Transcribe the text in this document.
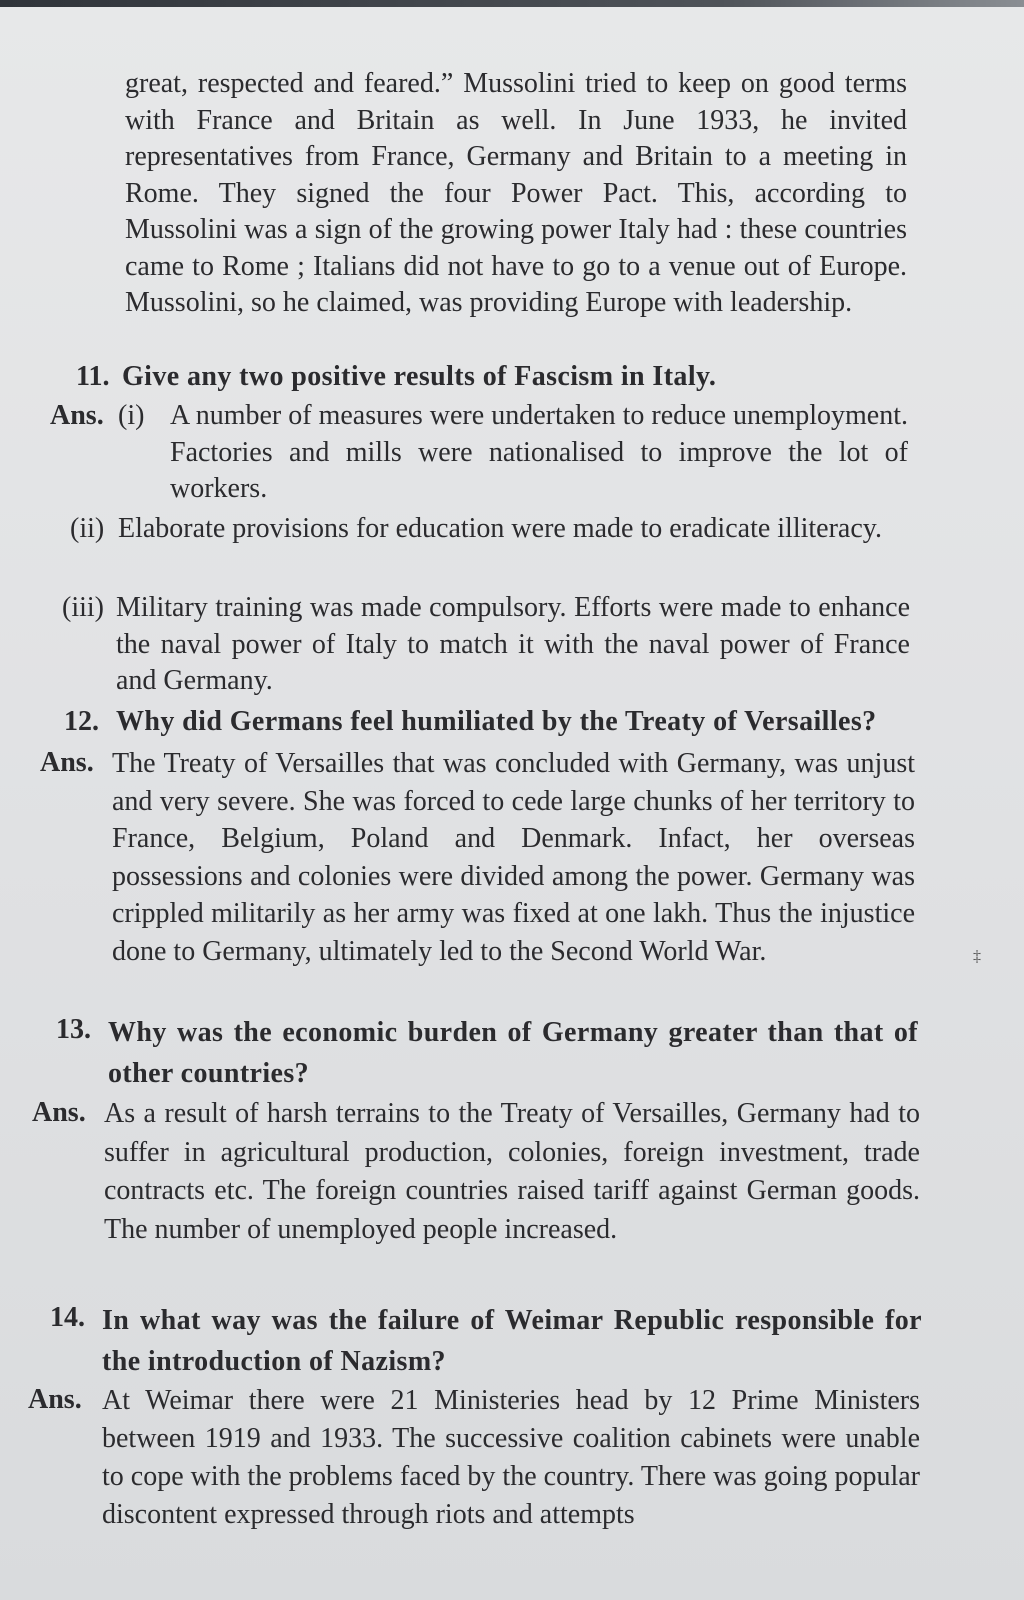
great, respected and feared.” Mussolini tried to keep on good terms with France and Britain as well. In June 1933, he invited representatives from France, Germany and Britain to a meeting in Rome. They signed the four Power Pact. This, according to Mussolini was a sign of the growing power Italy had : these countries came to Rome ; Italians did not have to go to a venue out of Europe. Mussolini, so he claimed, was providing Europe with leadership.

11. Give any two positive results of Fascism in Italy.
Ans. (i) A number of measures were undertaken to reduce unemployment. Factories and mills were nationalised to improve the lot of workers.

(ii) Elaborate provisions for education were made to eradicate illiteracy.

(iii) Military training was made compulsory. Efforts were made to enhance the naval power of Italy to match it with the naval power of France and Germany.

12. Why did Germans feel humiliated by the Treaty of Versailles?
Ans. The Treaty of Versailles that was concluded with Germany, was unjust and very severe. She was forced to cede large chunks of her territory to France, Belgium, Poland and Denmark. Infact, her overseas possessions and colonies were divided among the power. Germany was crippled militarily as her army was fixed at one lakh. Thus the injustice done to Germany, ultimately led to the Second World War.

13. Why was the economic burden of Germany greater than that of other countries?

Ans. As a result of harsh terrains to the Treaty of Versailles, Germany had to suffer in agricultural production, colonies, foreign investment, trade contracts etc. The foreign countries raised tariff against German goods. The number of unemployed people increased.

14. In what way was the failure of Weimar Republic responsible for the introduction of Nazism?

Ans. At Weimar there were 21 Ministeries head by 12 Prime Ministers between 1919 and 1933. The successive coalition cabinets were unable to cope with the problems faced by the country. There was going popular discontent expressed through riots and attempts

‡
